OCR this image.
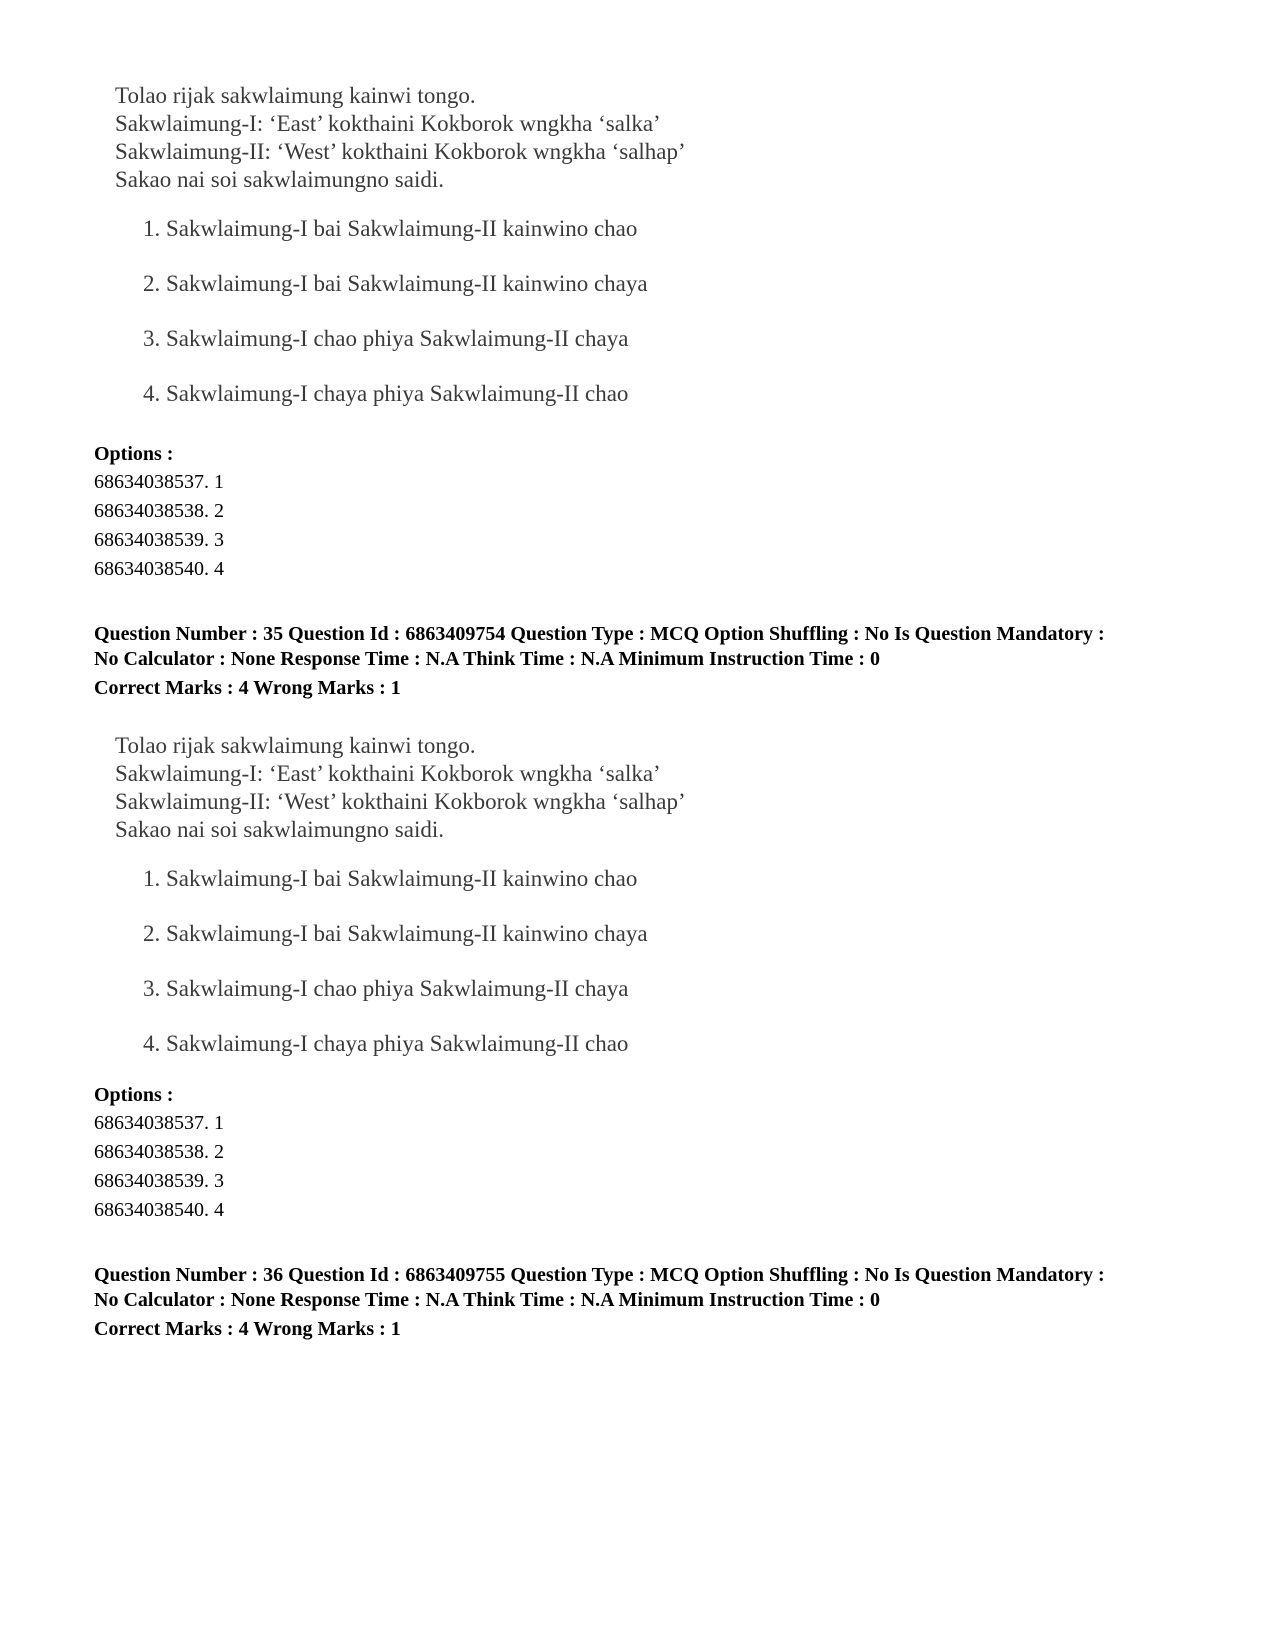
Tolao rijak sakwlaimung kainwi tongo.
Sakwlaimung-I: ‘East’ kokthaini Kokborok wngkha ‘salka’
Sakwlaimung-II: ‘West’ kokthaini Kokborok wngkha ‘salhap’
Sakao nai soi sakwlaimungno saidi.
1. Sakwlaimung-I bai Sakwlaimung-II kainwino chao
2. Sakwlaimung-I bai Sakwlaimung-II kainwino chaya
3. Sakwlaimung-I chao phiya Sakwlaimung-II chaya
4. Sakwlaimung-I chaya phiya Sakwlaimung-II chao
Options :
68634038537. 1
68634038538. 2
68634038539. 3
68634038540. 4
Question Number : 35 Question Id : 6863409754 Question Type : MCQ Option Shuffling : No Is Question Mandatory :
No Calculator : None Response Time : N.A Think Time : N.A Minimum Instruction Time : 0
Correct Marks : 4 Wrong Marks : 1
Tolao rijak sakwlaimung kainwi tongo.
Sakwlaimung-I: ‘East’ kokthaini Kokborok wngkha ‘salka’
Sakwlaimung-II: ‘West’ kokthaini Kokborok wngkha ‘salhap’
Sakao nai soi sakwlaimungno saidi.
1. Sakwlaimung-I bai Sakwlaimung-II kainwino chao
2. Sakwlaimung-I bai Sakwlaimung-II kainwino chaya
3. Sakwlaimung-I chao phiya Sakwlaimung-II chaya
4. Sakwlaimung-I chaya phiya Sakwlaimung-II chao
Options :
68634038537. 1
68634038538. 2
68634038539. 3
68634038540. 4
Question Number : 36 Question Id : 6863409755 Question Type : MCQ Option Shuffling : No Is Question Mandatory :
No Calculator : None Response Time : N.A Think Time : N.A Minimum Instruction Time : 0
Correct Marks : 4 Wrong Marks : 1
